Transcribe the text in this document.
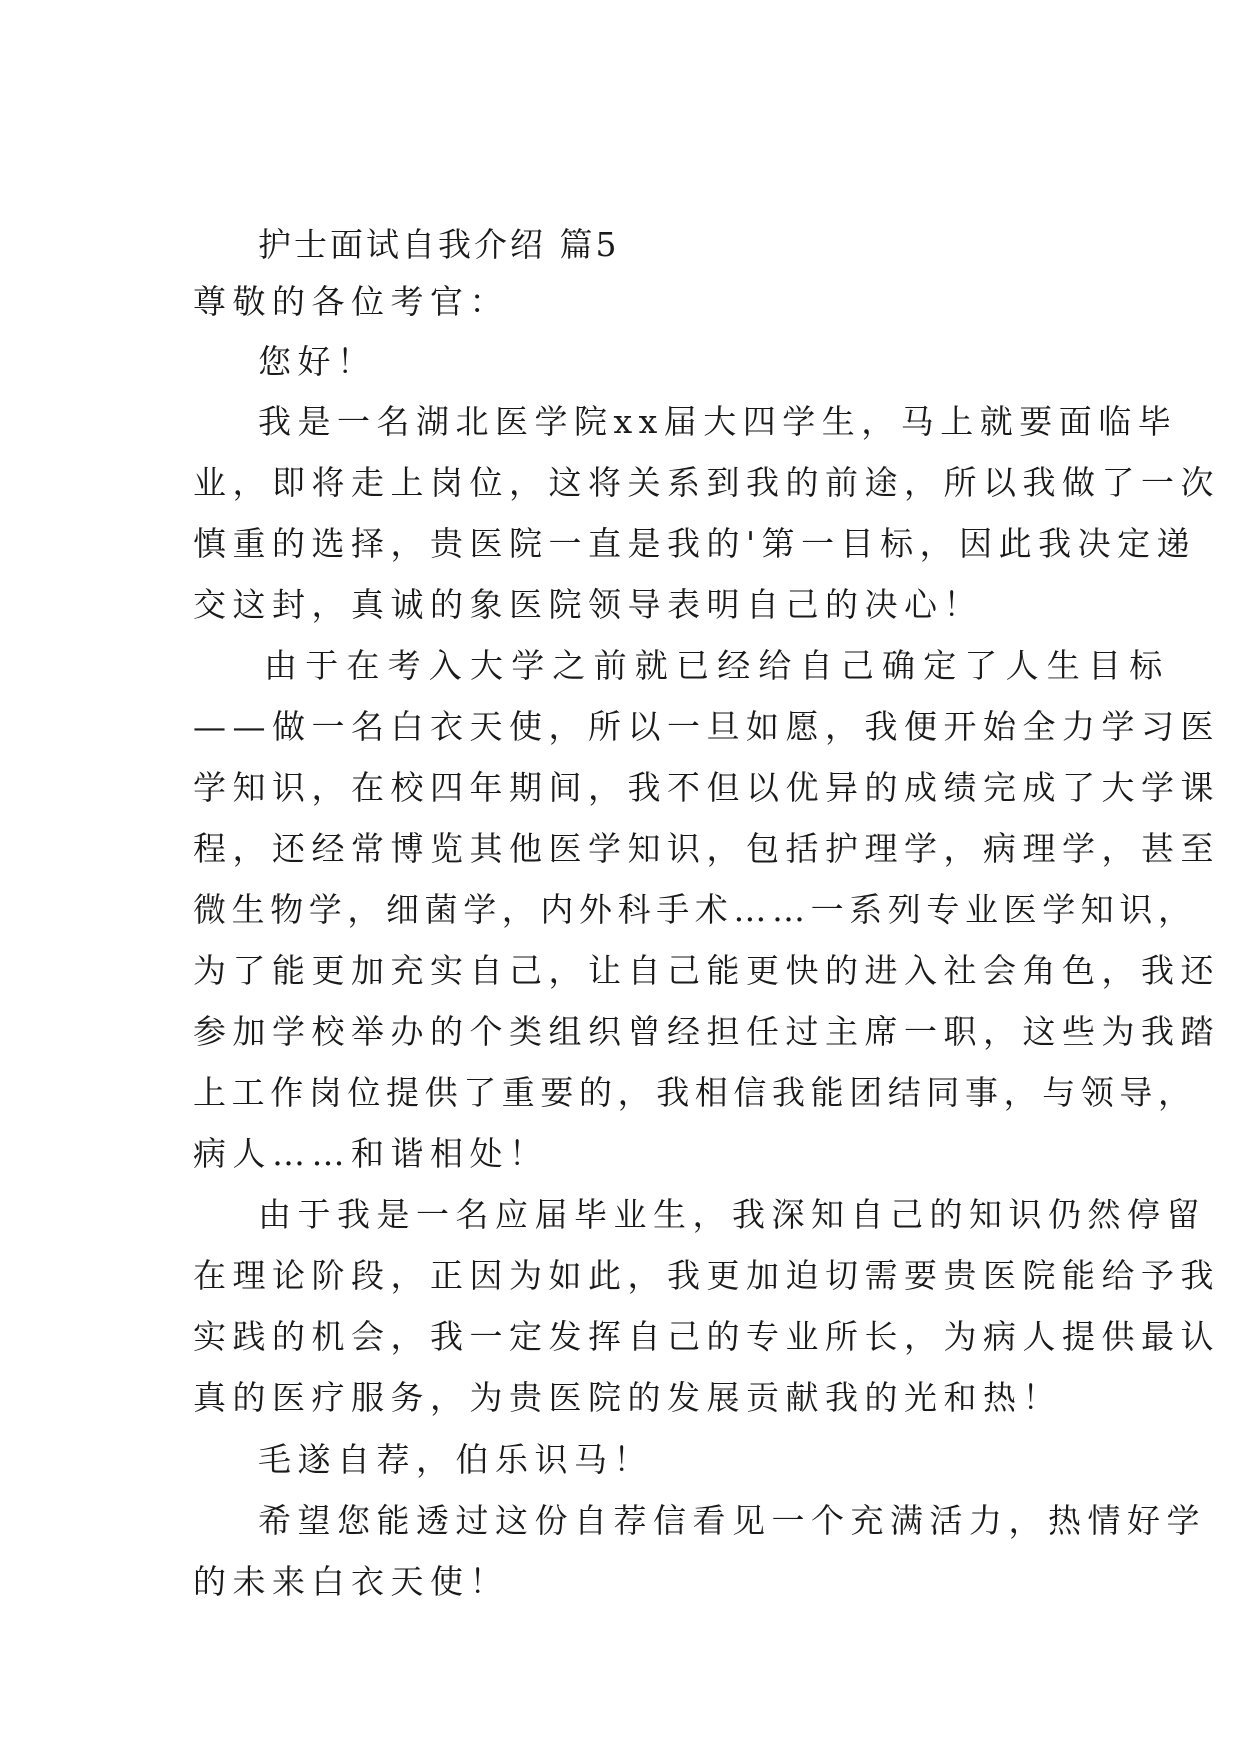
护士面试自我介绍 篇5
尊敬的各位考官：
您好！
我是一名湖北医学院xx届大四学生，马上就要面临毕
业，即将走上岗位，这将关系到我的前途，所以我做了一次
慎重的选择，贵医院一直是我的'第一目标，因此我决定递
交这封，真诚的象医院领导表明自己的决心！
由于在考入大学之前就已经给自己确定了人生目标
——做一名白衣天使，所以一旦如愿，我便开始全力学习医
学知识，在校四年期间，我不但以优异的成绩完成了大学课
程，还经常博览其他医学知识，包括护理学，病理学，甚至
微生物学，细菌学，内外科手术……一系列专业医学知识，
为了能更加充实自己，让自己能更快的进入社会角色，我还
参加学校举办的个类组织曾经担任过主席一职，这些为我踏
上工作岗位提供了重要的，我相信我能团结同事，与领导，
病人……和谐相处！
由于我是一名应届毕业生，我深知自己的知识仍然停留
在理论阶段，正因为如此，我更加迫切需要贵医院能给予我
实践的机会，我一定发挥自己的专业所长，为病人提供最认
真的医疗服务，为贵医院的发展贡献我的光和热！
毛遂自荐，伯乐识马！
希望您能透过这份自荐信看见一个充满活力，热情好学
的未来白衣天使！
